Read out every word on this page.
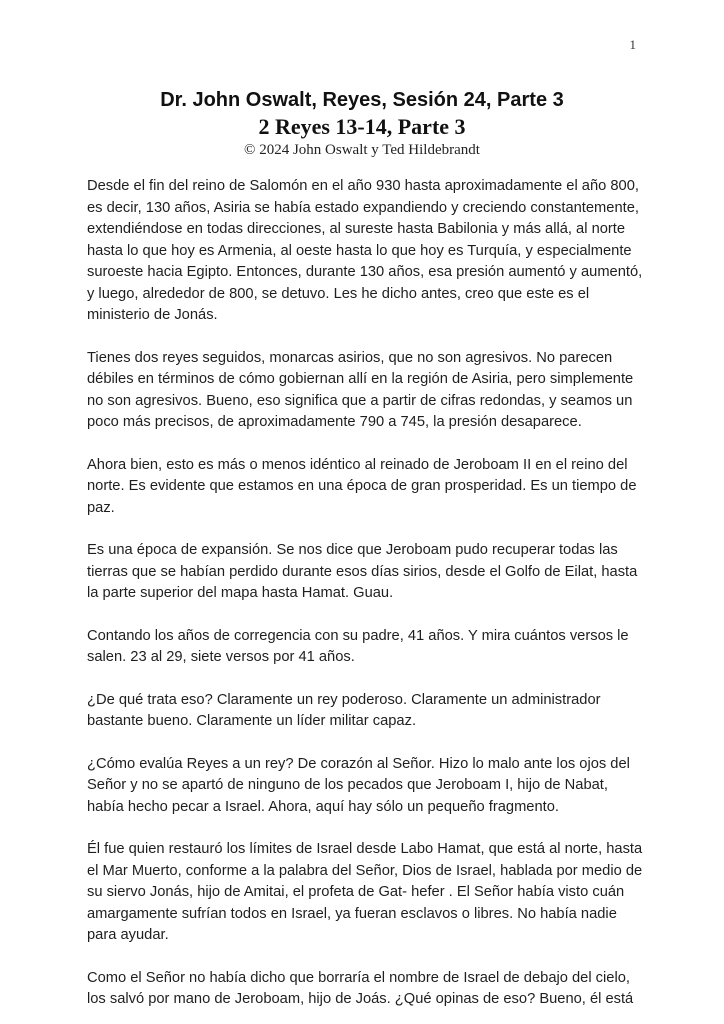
1
Dr. John Oswalt, Reyes, Sesión 24, Parte 3
2 Reyes 13-14, Parte 3
© 2024 John Oswalt y Ted Hildebrandt

Desde el fin del reino de Salomón en el año 930 hasta aproximadamente el año 800, es decir, 130 años, Asiria se había estado expandiendo y creciendo constantemente, extendiéndose en todas direcciones, al sureste hasta Babilonia y más allá, al norte hasta lo que hoy es Armenia, al oeste hasta lo que hoy es Turquía, y especialmente suroeste hacia Egipto. Entonces, durante 130 años, esa presión aumentó y aumentó, y luego, alrededor de 800, se detuvo. Les he dicho antes, creo que este es el ministerio de Jonás.

Tienes dos reyes seguidos, monarcas asirios, que no son agresivos. No parecen débiles en términos de cómo gobiernan allí en la región de Asiria, pero simplemente no son agresivos. Bueno, eso significa que a partir de cifras redondas, y seamos un poco más precisos, de aproximadamente 790 a 745, la presión desaparece.

Ahora bien, esto es más o menos idéntico al reinado de Jeroboam II en el reino del norte. Es evidente que estamos en una época de gran prosperidad. Es un tiempo de paz.

Es una época de expansión. Se nos dice que Jeroboam pudo recuperar todas las tierras que se habían perdido durante esos días sirios, desde el Golfo de Eilat, hasta la parte superior del mapa hasta Hamat. Guau.

Contando los años de corregencia con su padre, 41 años. Y mira cuántos versos le salen. 23 al 29, siete versos por 41 años.

¿De qué trata eso? Claramente un rey poderoso. Claramente un administrador bastante bueno. Claramente un líder militar capaz.

¿Cómo evalúa Reyes a un rey? De corazón al Señor. Hizo lo malo ante los ojos del Señor y no se apartó de ninguno de los pecados que Jeroboam I, hijo de Nabat, había hecho pecar a Israel. Ahora, aquí hay sólo un pequeño fragmento.

Él fue quien restauró los límites de Israel desde Labo Hamat, que está al norte, hasta el Mar Muerto, conforme a la palabra del Señor, Dios de Israel, hablada por medio de su siervo Jonás, hijo de Amitai, el profeta de Gat- hefer . El Señor había visto cuán amargamente sufrían todos en Israel, ya fueran esclavos o libres. No había nadie para ayudar.

Como el Señor no había dicho que borraría el nombre de Israel de debajo del cielo, los salvó por mano de Jeroboam, hijo de Joás. ¿Qué opinas de eso? Bueno, él está
